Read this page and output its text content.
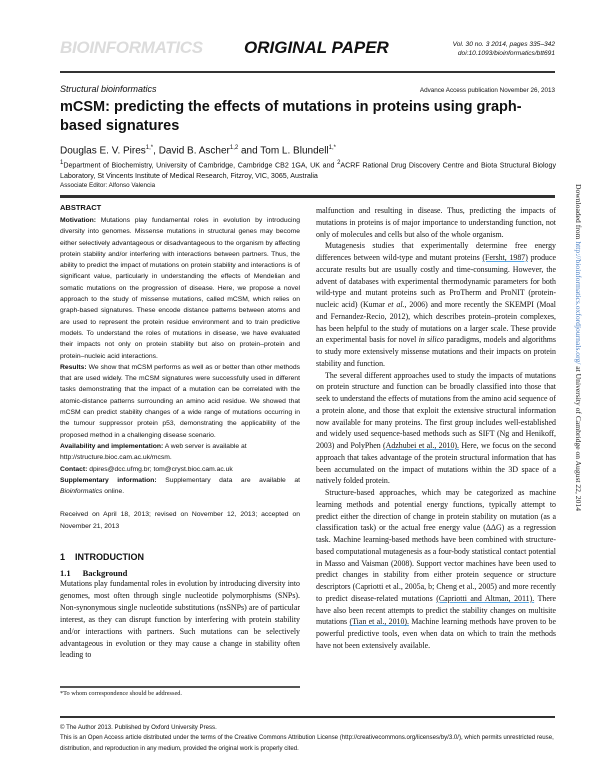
BIOINFORMATICS ORIGINAL PAPER	Vol. 30 no. 3 2014, pages 335–342
doi:10.1093/bioinformatics/btt691
Structural bioinformatics	Advance Access publication November 26, 2013
mCSM: predicting the effects of mutations in proteins using graph-based signatures
Douglas E. V. Pires$^{1,*}$, David B. Ascher$^{1,2}$ and Tom L. Blundell$^{1,*}$
$^1$Department of Biochemistry, University of Cambridge, Cambridge CB2 1GA, UK and $^2$ACRF Rational Drug Discovery Centre and Biota Structural Biology Laboratory, St Vincents Institute of Medical Research, Fitzroy, VIC, 3065, Australia
Associate Editor: Alfonso Valencia
ABSTRACT

Motivation: Mutations play fundamental roles in evolution by introducing diversity into genomes. Missense mutations in structural genes may become either selectively advantageous or disadvantageous to the organism by affecting protein stability and/or interfering with interactions between partners. Thus, the ability to predict the impact of mutations on protein stability and interactions is of significant value, particularly in understanding the effects of Mendelian and somatic mutations on the progression of disease. Here, we propose a novel approach to the study of missense mutations, called mCSM, which relies on graph-based signatures. These encode distance patterns between atoms and are used to represent the protein residue environment and to train predictive models. To understand the roles of mutations in disease, we have evaluated their impacts not only on protein stability but also on protein–protein and protein–nucleic acid interactions.

Results: We show that mCSM performs as well as or better than other methods that are used widely. The mCSM signatures were successfully used in different tasks demonstrating that the impact of a mutation can be correlated with the atomic-distance patterns surrounding an amino acid residue. We showed that mCSM can predict stability changes of a wide range of mutations occurring in the tumour suppressor protein p53, demonstrating the applicability of the proposed method in a challenging disease scenario.

Availability and implementation: A web server is available at http://structure.bioc.cam.ac.uk/mcsm.

Contact: dpires@dcc.ufmg.br; tom@cryst.bioc.cam.ac.uk

Supplementary information: Supplementary data are available at Bioinformatics online.

Received on April 18, 2013; revised on November 12, 2013; accepted on November 21, 2013

1 INTRODUCTION

1.1 Background

Mutations play fundamental roles in evolution by introducing diversity into genomes, most often through single nucleotide polymorphisms (SNPs). Non-synonymous single nucleotide substitutions (nsSNPs) are of particular interest, as they can disrupt function by interfering with protein stability and/or interactions with partners. Such mutations can be selectively advantageous in evolution or they may cause a change in stability often leading to

*To whom correspondence should be addressed.

malfunction and resulting in disease. Thus, predicting the impacts of mutations in proteins is of major importance to understanding function, not only of molecules and cells but also of the whole organism.

Mutagenesis studies that experimentally determine free energy differences between wild-type and mutant proteins (Fersht, 1987) produce accurate results but are usually costly and time-consuming. However, the advent of databases with experimental thermodynamic parameters for both wild-type and mutant proteins such as ProTherm and ProNIT (protein-nucleic acid) (Kumar et al., 2006) and more recently the SKEMPI (Moal and Fernandez-Recio, 2012), which describes protein–protein complexes, has been helpful to the study of mutations on a larger scale. These provide an experimental basis for novel in silico paradigms, models and algorithms to study more extensively missense mutations and their impacts on protein stability and function.

The several different approaches used to study the impacts of mutations on protein structure and function can be broadly classified into those that seek to understand the effects of mutations from the amino acid sequence of a protein alone, and those that exploit the extensive structural information now available for many proteins. The first group includes well-established and widely used sequence-based methods such as SIFT (Ng and Henikoff, 2003) and PolyPhen (Adzhubei et al., 2010). Here, we focus on the second approach that takes advantage of the protein structural information that has been accumulated on the impact of mutations within the 3D space of a natively folded protein.

Structure-based approaches, which may be categorized as machine learning methods and potential energy functions, typically attempt to predict either the direction of change in protein stability on mutation (as a classification task) or the actual free energy value (ΔΔG) as a regression task. Machine learning-based methods have been combined with structure-based computational mutagenesis as a four-body statistical contact potential in Masso and Vaisman (2008). Support vector machines have been used to predict changes in stability from either protein sequence or structure descriptors (Capriotti et al., 2005a, b; Cheng et al., 2005) and more recently to predict disease-related mutations (Capriotti and Altman, 2011). There have also been recent attempts to predict the stability changes on multisite mutations (Tian et al., 2010). Machine learning methods have proven to be powerful predictive tools, even when data on which to train the methods have not been extensively available.

© The Author 2013. Published by Oxford University Press.
This is an Open Access article distributed under the terms of the Creative Commons Attribution License (http://creativecommons.org/licenses/by/3.0/), which permits unrestricted reuse, distribution, and reproduction in any medium, provided the original work is properly cited.
Downloaded from http://bioinformatics.oxfordjournals.org/ at University of Cambridge on August 22, 2014
